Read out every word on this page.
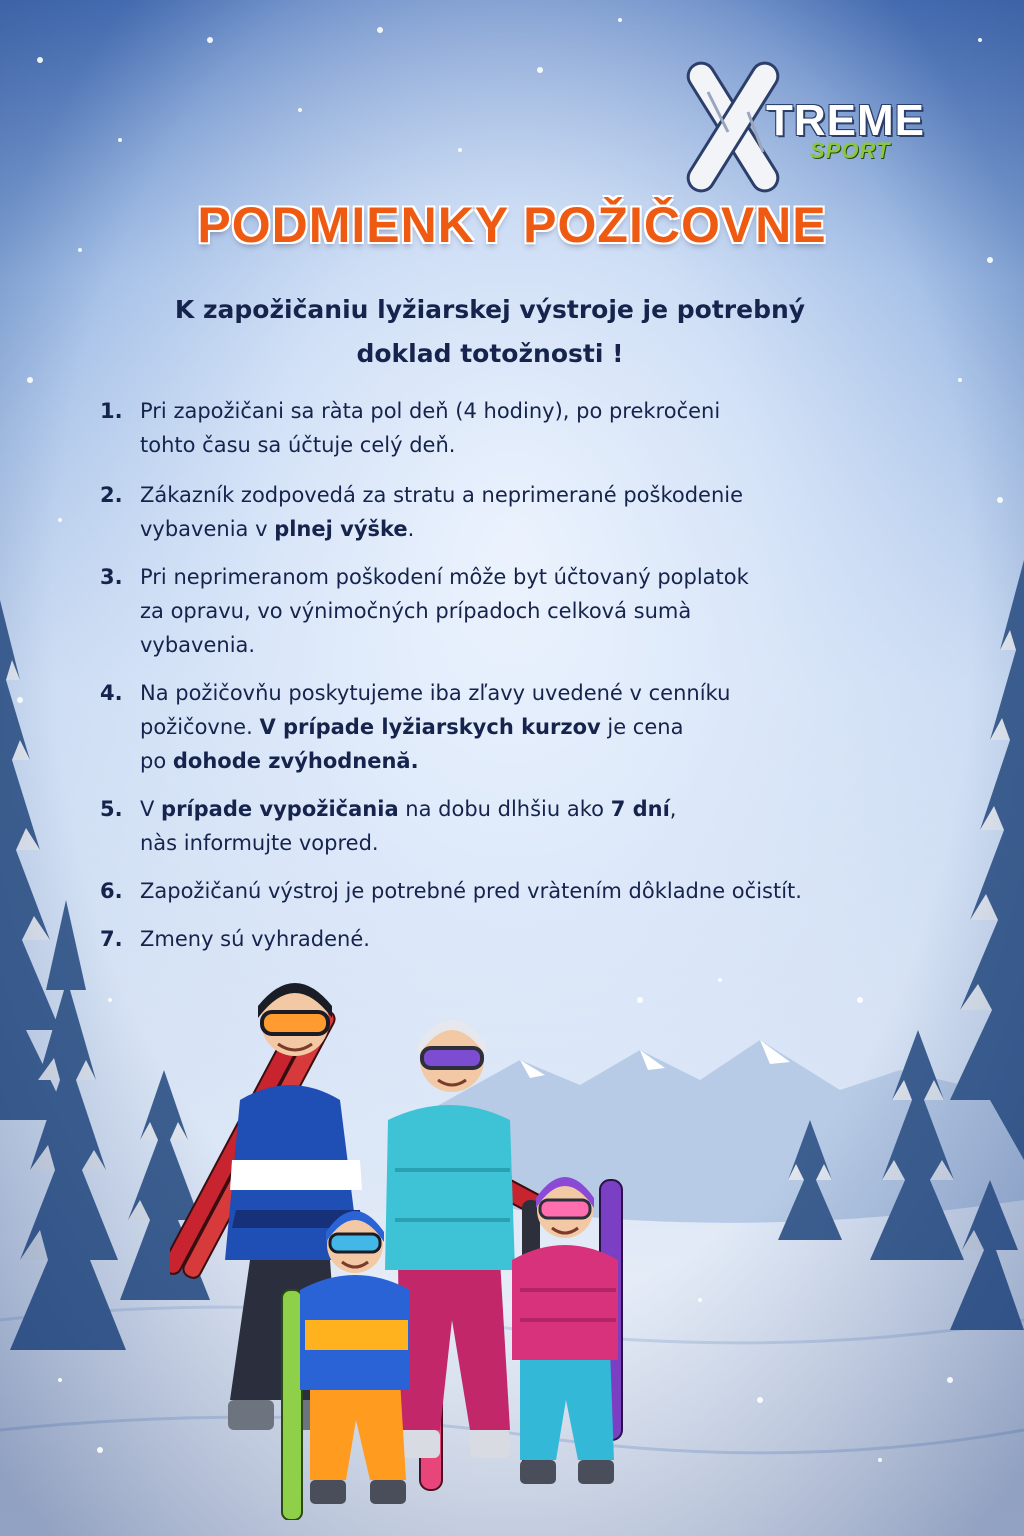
TREME
SPORT
PODMIENKY POŽIČOVNE
K zapožičaniu lyžiarskej výstroje je potrebný
doklad totožnosti !
1. Pri zapožičani sa ràta pol deň (4 hodiny), po prekročeni
tohto času sa účtuje celý deň.
2. Zákazník zodpovedá za stratu a neprimerané poškodenie
vybavenia v plnej výške.
3. Pri neprimeranom poškodení môže byt účtovaný poplatok
za opravu, vo výnimočných prípadoch celková sumà
vybavenia.
4. Na požičovňu poskytujeme iba zľavy uvedené v cenníku
požičovne. V prípade lyžiarskych kurzov je cena
po dohode zvýhodnenă.
5. V prípade vypožičania na dobu dlhšiu ako 7 dní,
nàs informujte vopred.
6. Zapožičanú výstroj je potrebné pred vràtením dôkladne očistít.
7. Zmeny sú vyhradené.
